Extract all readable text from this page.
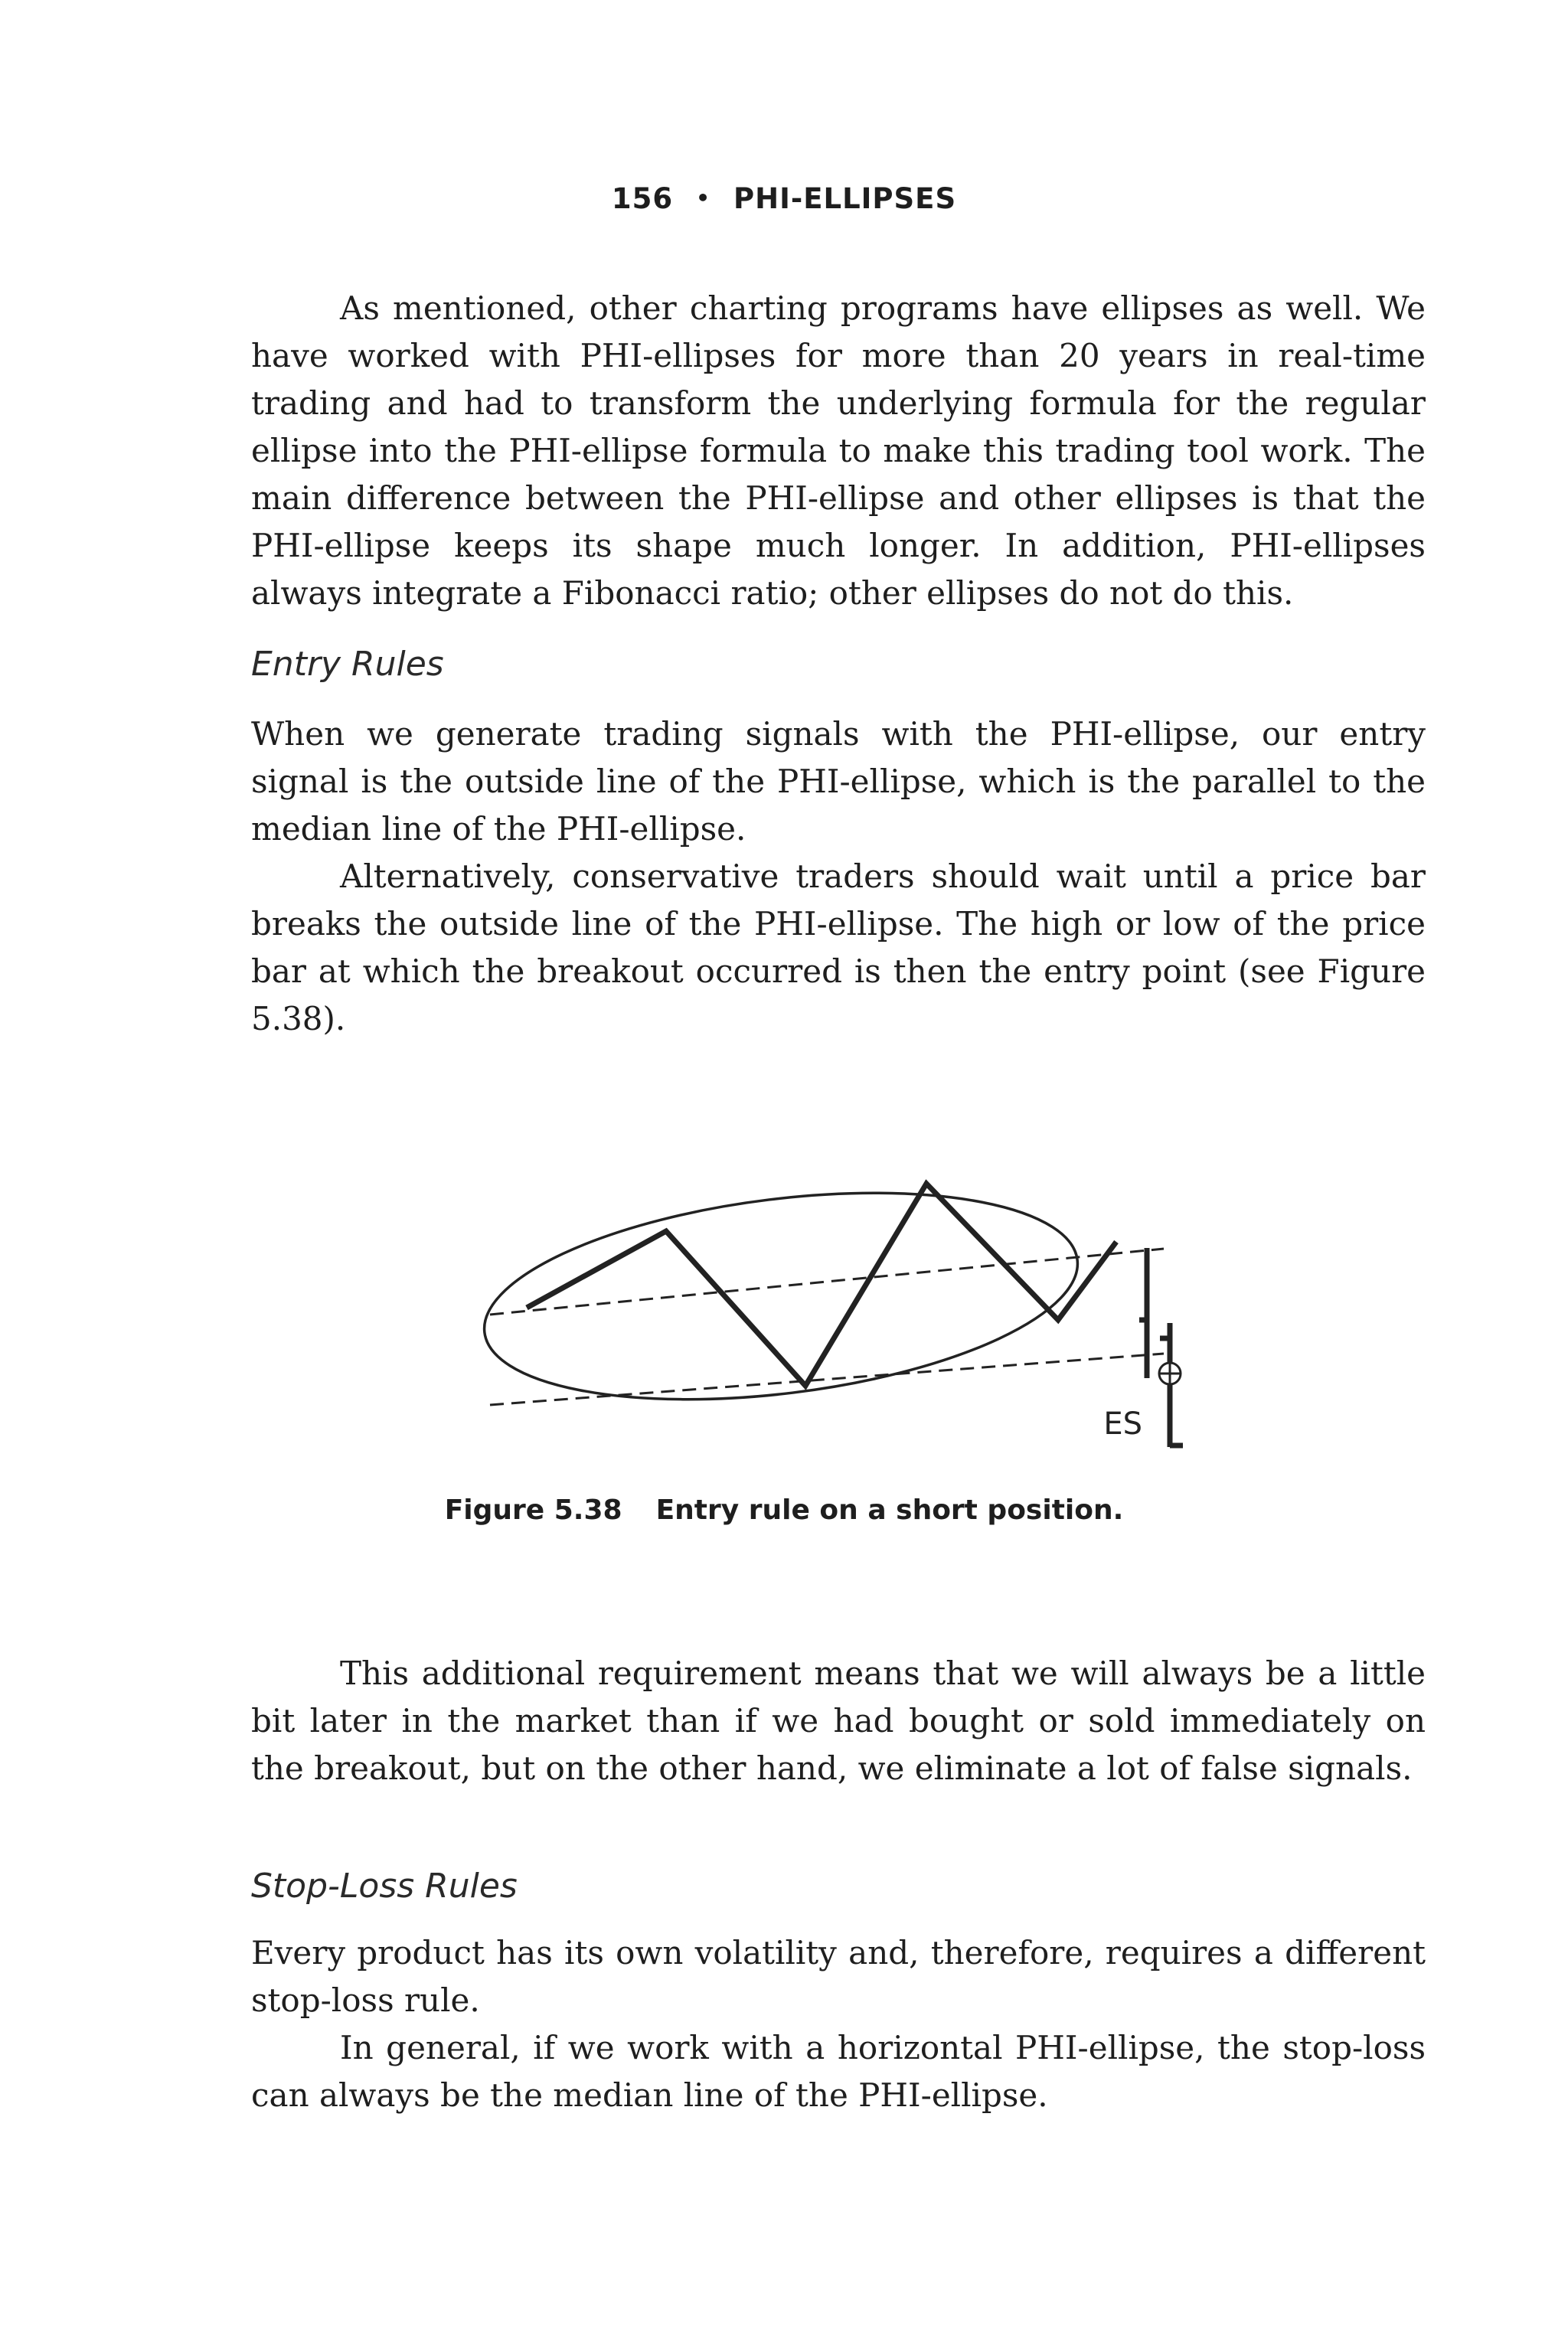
156 • PHI-ELLIPSES

As mentioned, other charting programs have ellipses as well. We have worked with PHI-ellipses for more than 20 years in real-time trading and had to transform the underlying formula for the regular ellipse into the PHI-ellipse formula to make this trading tool work. The main difference between the PHI-ellipse and other ellipses is that the PHI-ellipse keeps its shape much longer. In addition, PHI-ellipses always integrate a Fibonacci ratio; other ellipses do not do this.

Entry Rules

When we generate trading signals with the PHI-ellipse, our entry signal is the outside line of the PHI-ellipse, which is the parallel to the median line of the PHI-ellipse.

Alternatively, conservative traders should wait until a price bar breaks the outside line of the PHI-ellipse. The high or low of the price bar at which the breakout occurred is then the entry point (see Figure 5.38).

ES
Figure 5.38 Entry rule on a short position.

This additional requirement means that we will always be a little bit later in the market than if we had bought or sold immediately on the breakout, but on the other hand, we eliminate a lot of false signals.

Stop-Loss Rules

Every product has its own volatility and, therefore, requires a different stop-loss rule.

In general, if we work with a horizontal PHI-ellipse, the stop-loss can always be the median line of the PHI-ellipse.
